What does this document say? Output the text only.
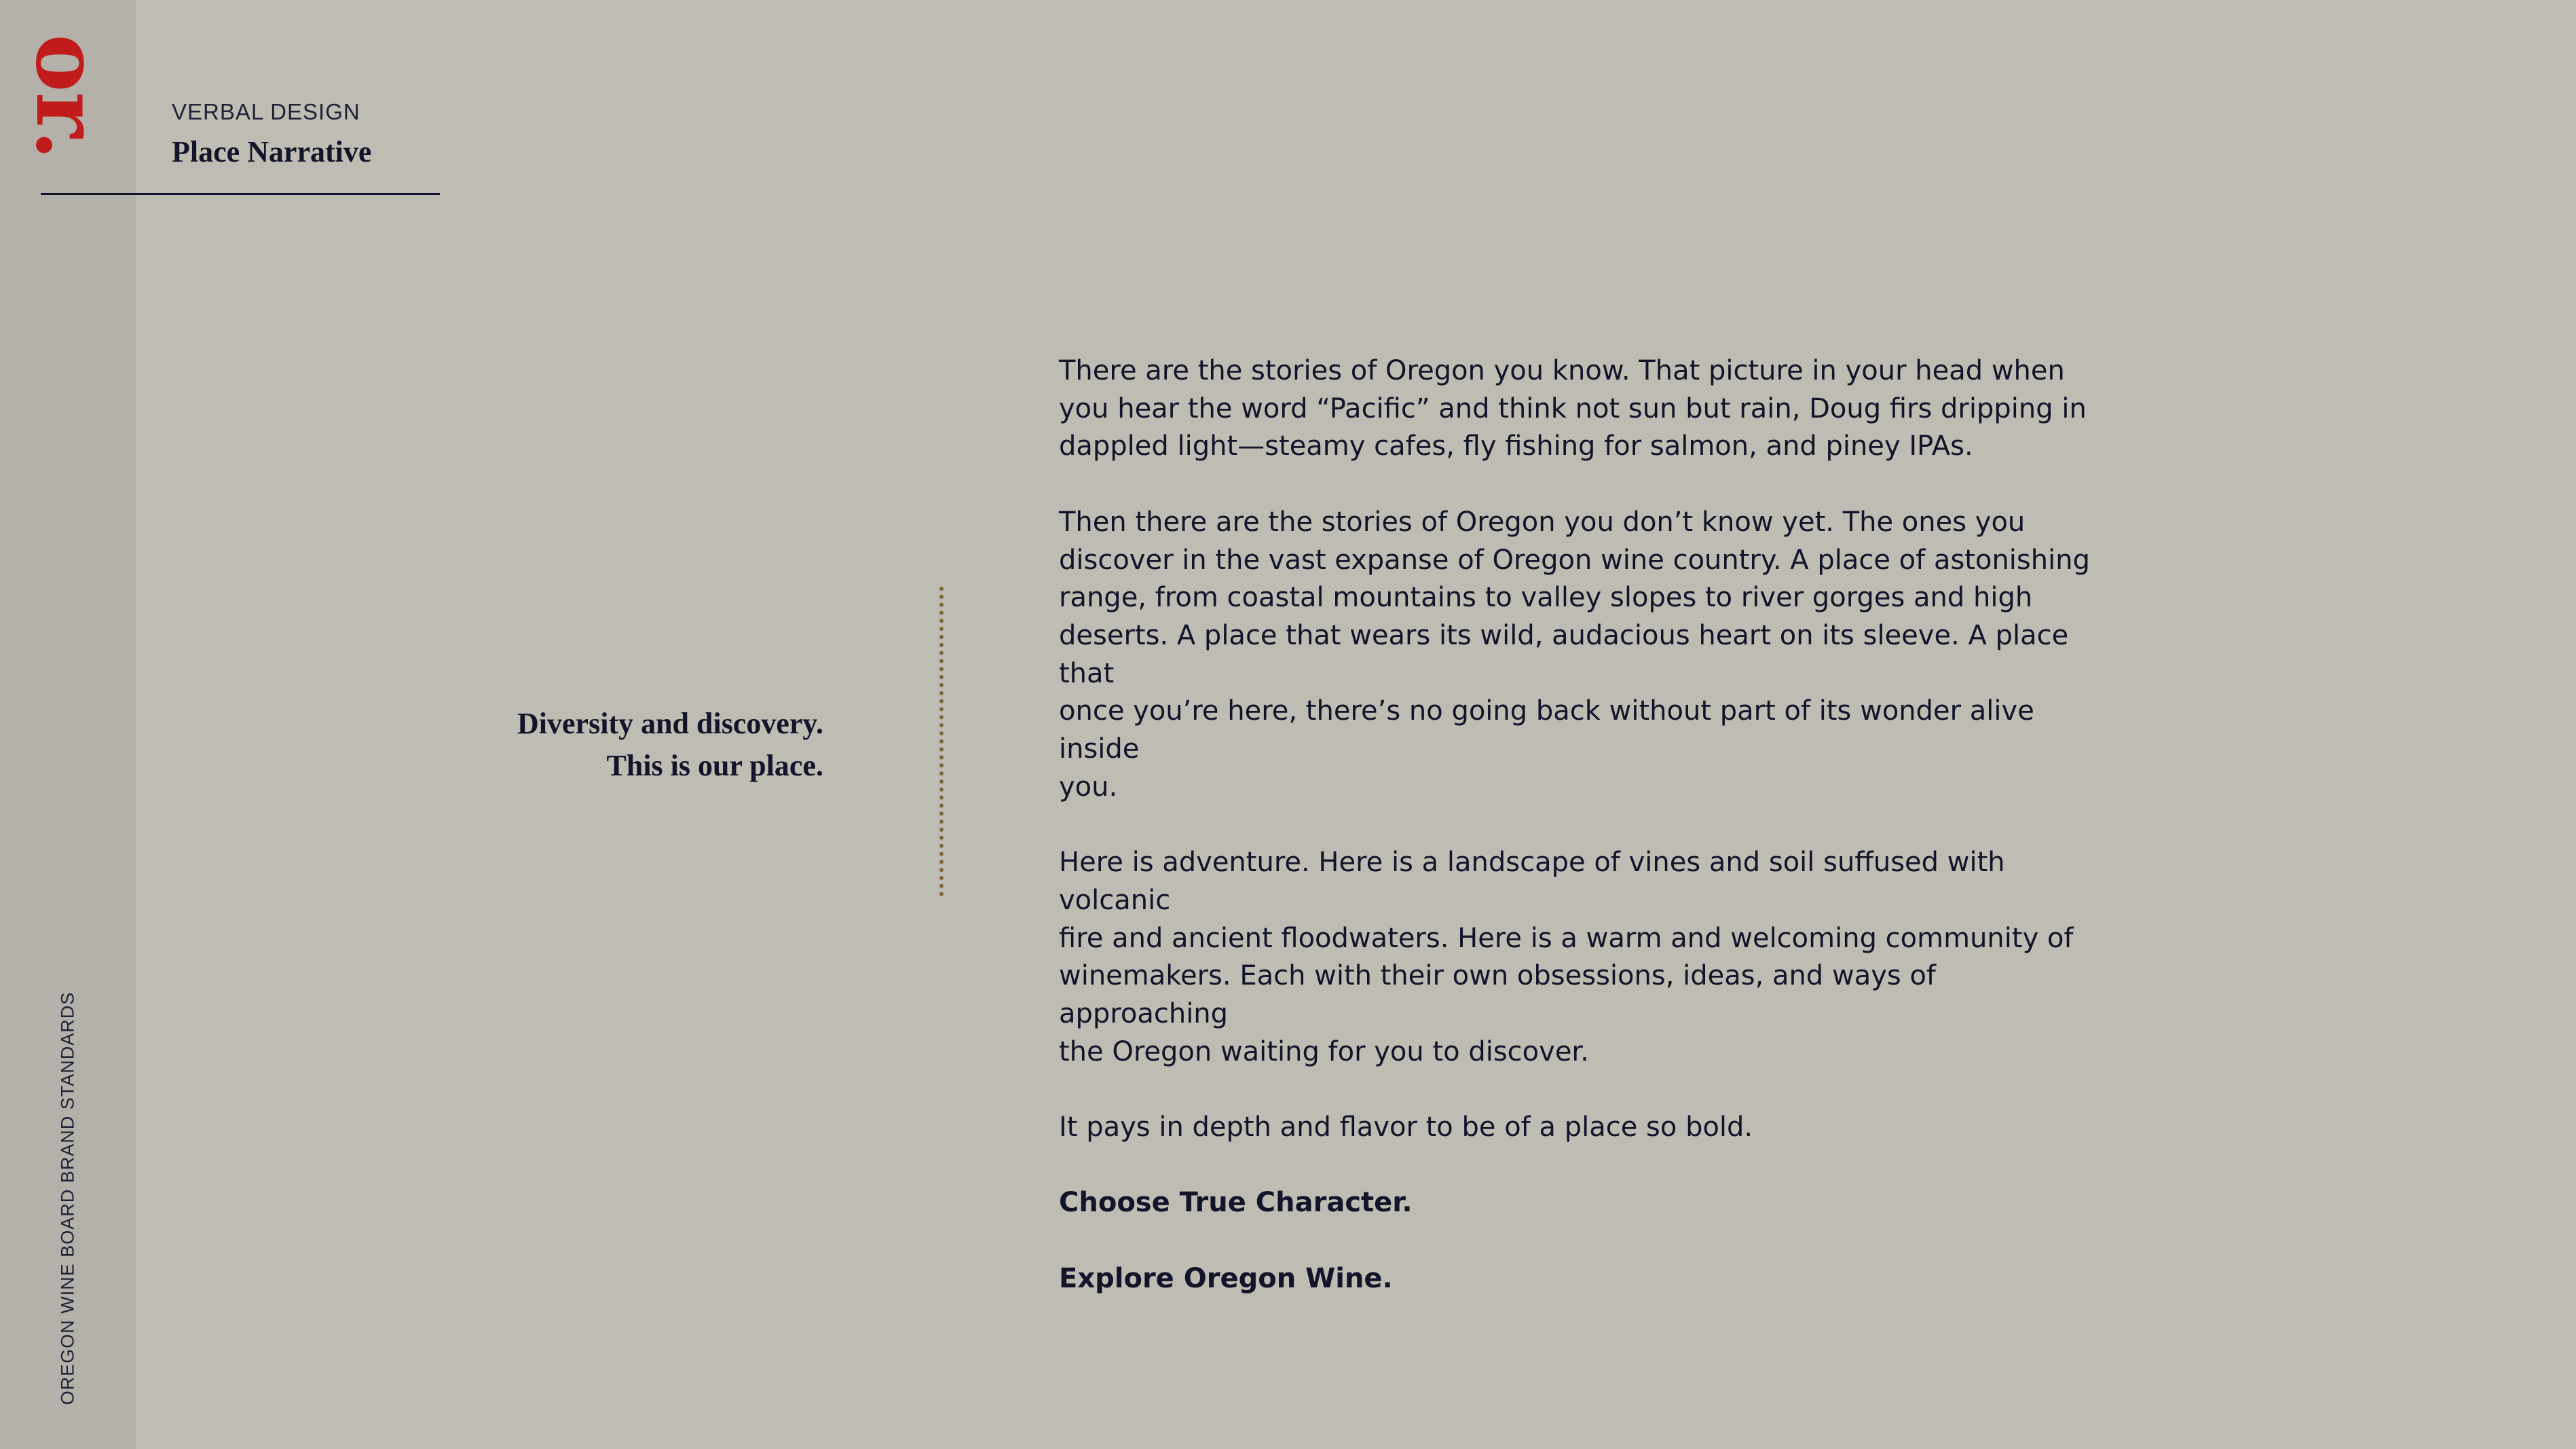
or.
OREGON WINE BOARD BRAND STANDARDS
VERBAL DESIGN
Place Narrative
Diversity and discovery.
This is our place.

There are the stories of Oregon you know. That picture in your head when
you hear the word “Pacific” and think not sun but rain, Doug firs dripping in
dappled light—steamy cafes, fly fishing for salmon, and piney IPAs.

Then there are the stories of Oregon you don’t know yet. The ones you
discover in the vast expanse of Oregon wine country. A place of astonishing
range, from coastal mountains to valley slopes to river gorges and high
deserts. A place that wears its wild, audacious heart on its sleeve. A place that
once you’re here, there’s no going back without part of its wonder alive inside
you.

Here is adventure. Here is a landscape of vines and soil suffused with volcanic
fire and ancient floodwaters. Here is a warm and welcoming community of
winemakers. Each with their own obsessions, ideas, and ways of approaching
the Oregon waiting for you to discover.

It pays in depth and flavor to be of a place so bold.

Choose True Character.

Explore Oregon Wine.
